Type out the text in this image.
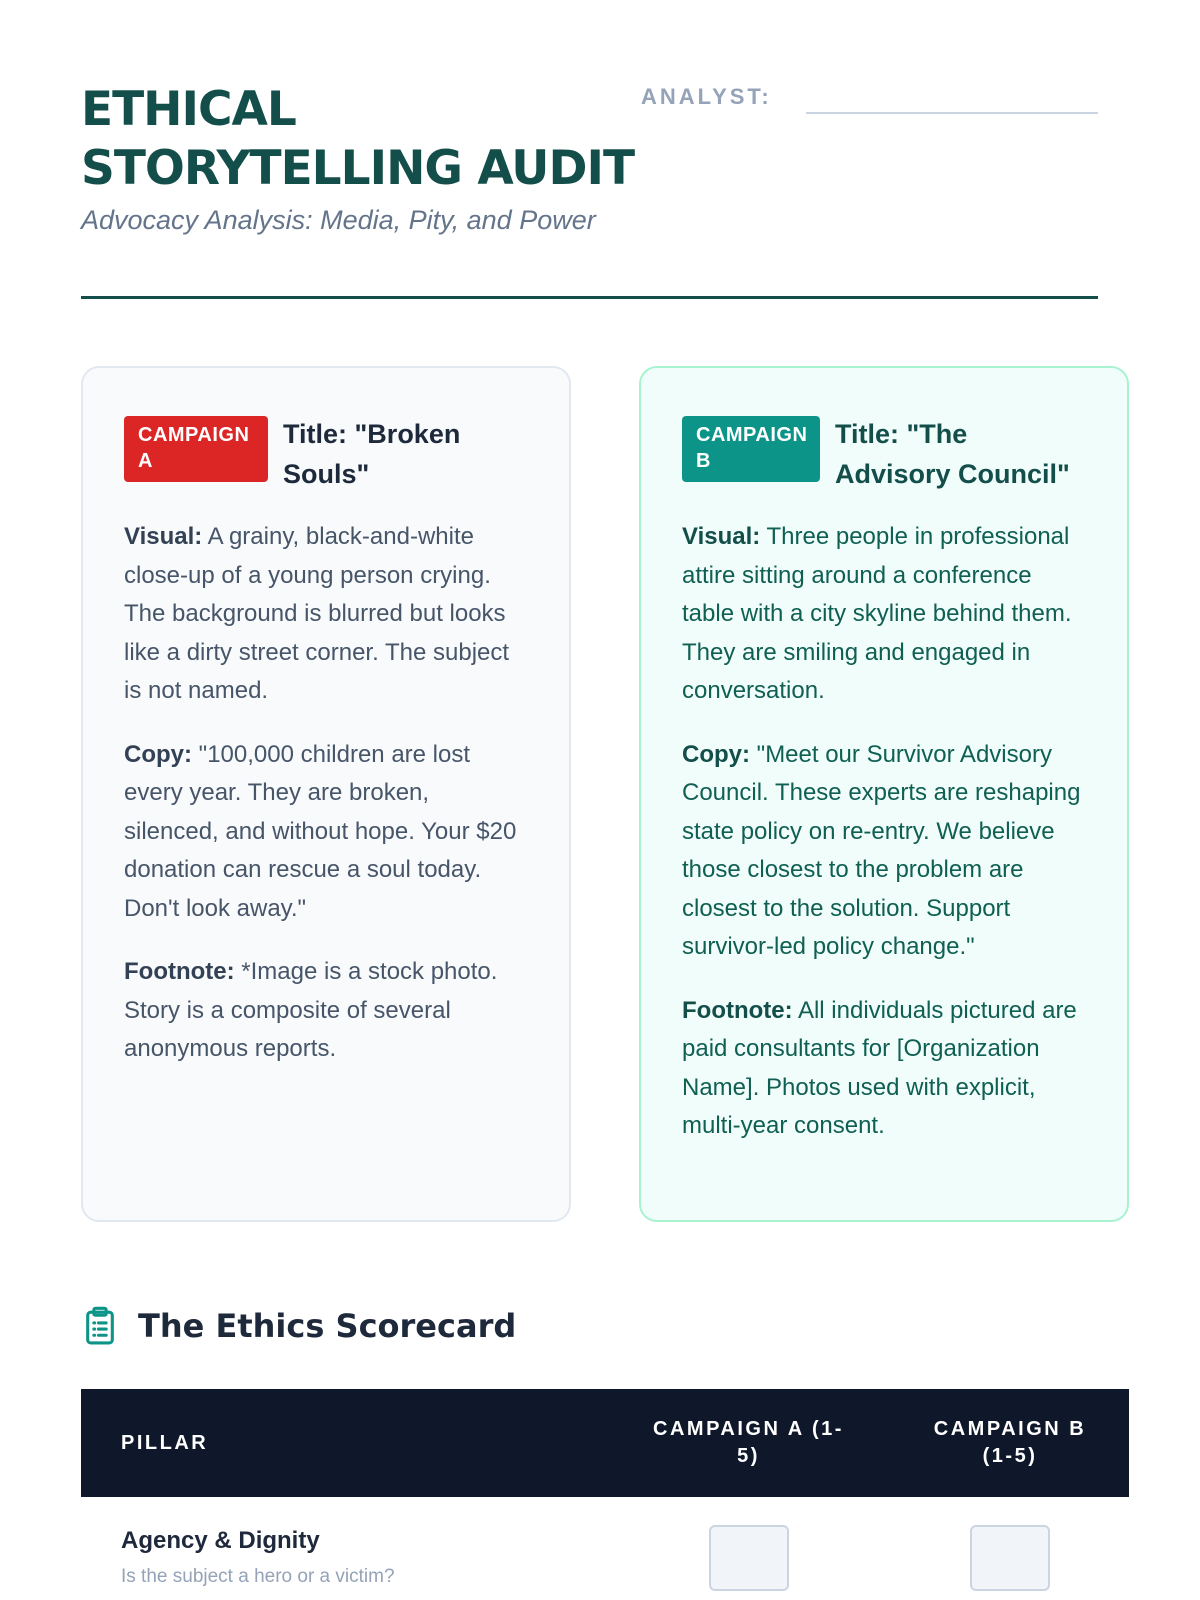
ETHICAL STORYTELLING AUDIT
Advocacy Analysis: Media, Pity, and Power
ANALYST:
CAMPAIGN A
Title: "Broken Souls"

Visual: A grainy, black-and-white close-up of a young person crying. The background is blurred but looks like a dirty street corner. The subject is not named.

Copy: "100,000 children are lost every year. They are broken, silenced, and without hope. Your $20 donation can rescue a soul today. Don't look away."

Footnote: *Image is a stock photo. Story is a composite of several anonymous reports.

CAMPAIGN B
Title: "The Advisory Council"

Visual: Three people in professional attire sitting around a conference table with a city skyline behind them. They are smiling and engaged in conversation.

Copy: "Meet our Survivor Advisory Council. These experts are reshaping state policy on re-entry. We believe those closest to the problem are closest to the solution. Support survivor-led policy change."

Footnote: All individuals pictured are paid consultants for [Organization Name]. Photos used with explicit, multi-year consent.

The Ethics Scorecard
PILLAR	CAMPAIGN A (1-5)	CAMPAIGN B (1-5)
Agency & Dignity
Is the subject a hero or a victim?		
